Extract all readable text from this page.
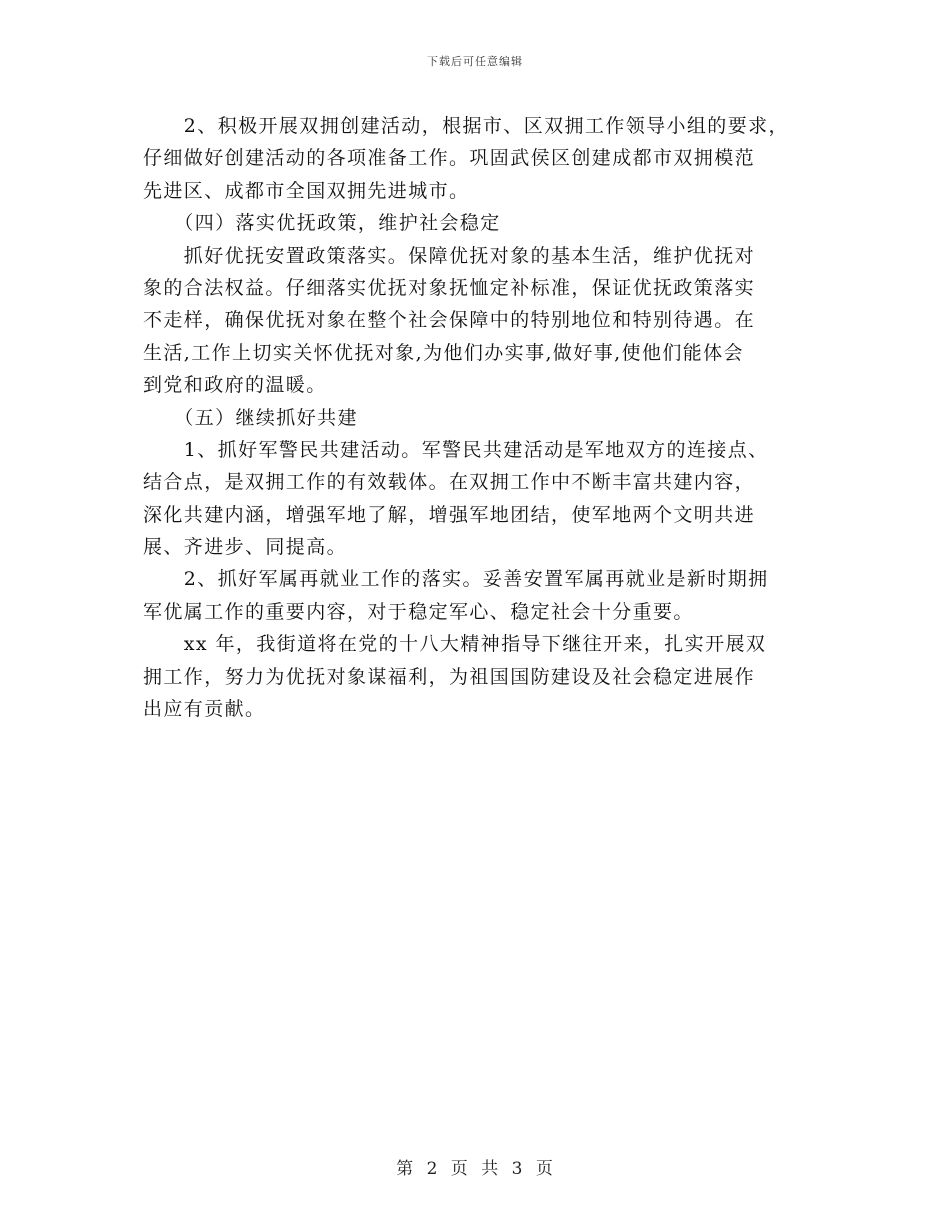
下载后可任意编辑
　　2、积极开展双拥创建活动，根据市、区双拥工作领导小组的要求，
仔细做好创建活动的各项准备工作。巩固武侯区创建成都市双拥模范
先进区、成都市全国双拥先进城市。
　　（四）落实优抚政策，维护社会稳定
　　抓好优抚安置政策落实。保障优抚对象的基本生活，维护优抚对
象的合法权益。仔细落实优抚对象抚恤定补标准，保证优抚政策落实
不走样，确保优抚对象在整个社会保障中的特别地位和特别待遇。在
生活,工作上切实关怀优抚对象,为他们办实事,做好事,使他们能体会
到党和政府的温暖。
　　（五）继续抓好共建
　　1、抓好军警民共建活动。军警民共建活动是军地双方的连接点、
结合点，是双拥工作的有效载体。在双拥工作中不断丰富共建内容，
深化共建内涵，增强军地了解，增强军地团结，使军地两个文明共进
展、齐进步、同提高。
　　2、抓好军属再就业工作的落实。妥善安置军属再就业是新时期拥
军优属工作的重要内容，对于稳定军心、稳定社会十分重要。
　　xx 年，我街道将在党的十八大精神指导下继往开来，扎实开展双
拥工作，努力为优抚对象谋福利，为祖国国防建设及社会稳定进展作
出应有贡献。
第 2 页 共 3 页
